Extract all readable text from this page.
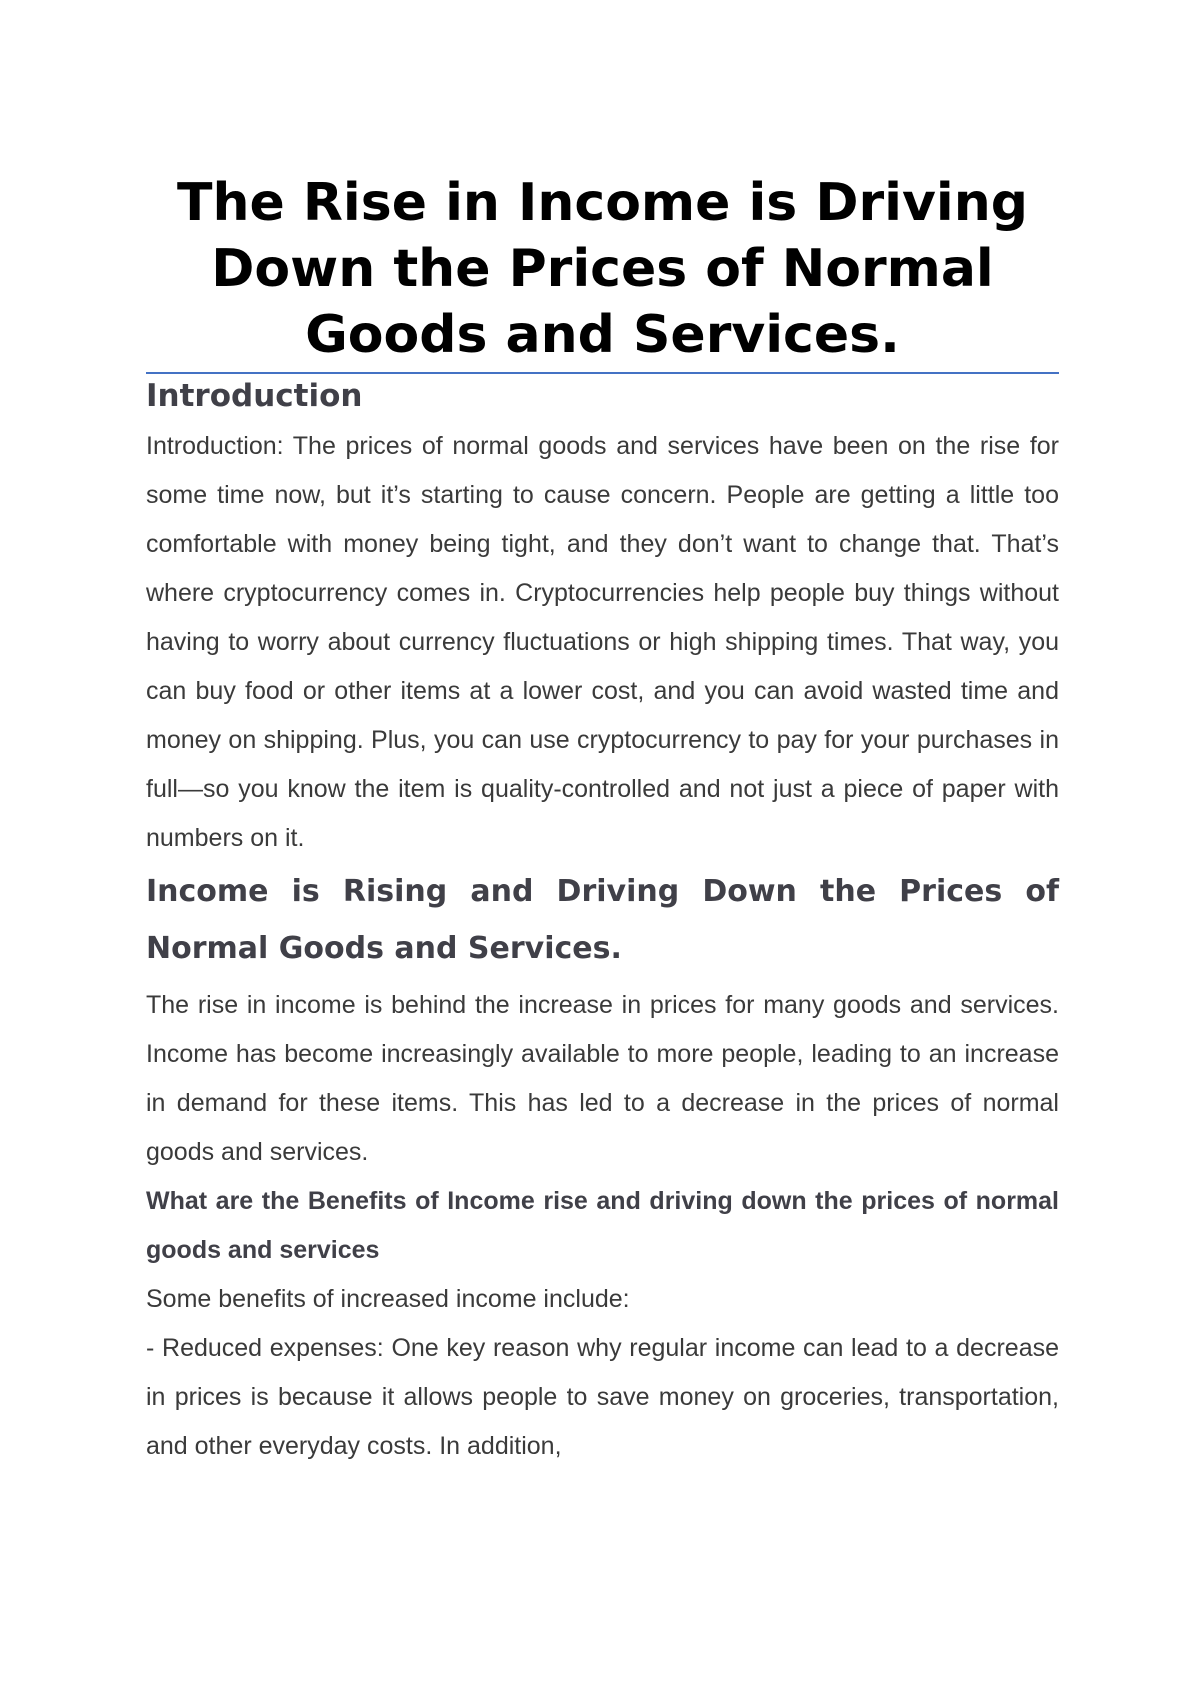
The Rise in Income is Driving Down the Prices of Normal Goods and Services.
Introduction

Introduction: The prices of normal goods and services have been on the rise for some time now, but it’s starting to cause concern. People are getting a little too comfortable with money being tight, and they don’t want to change that. That’s where cryptocurrency comes in. Cryptocurrencies help people buy things without having to worry about currency fluctuations or high shipping times. That way, you can buy food or other items at a lower cost, and you can avoid wasted time and money on shipping. Plus, you can use cryptocurrency to pay for your purchases in full—so you know the item is quality-controlled and not just a piece of paper with numbers on it.

Income is Rising and Driving Down the Prices of Normal Goods and Services.

The rise in income is behind the increase in prices for many goods and services. Income has become increasingly available to more people, leading to an increase in demand for these items. This has led to a decrease in the prices of normal goods and services.

What are the Benefits of Income rise and driving down the prices of normal goods and services

Some benefits of increased income include:

- Reduced expenses: One key reason why regular income can lead to a decrease in prices is because it allows people to save money on groceries, transportation, and other everyday costs. In addition,
